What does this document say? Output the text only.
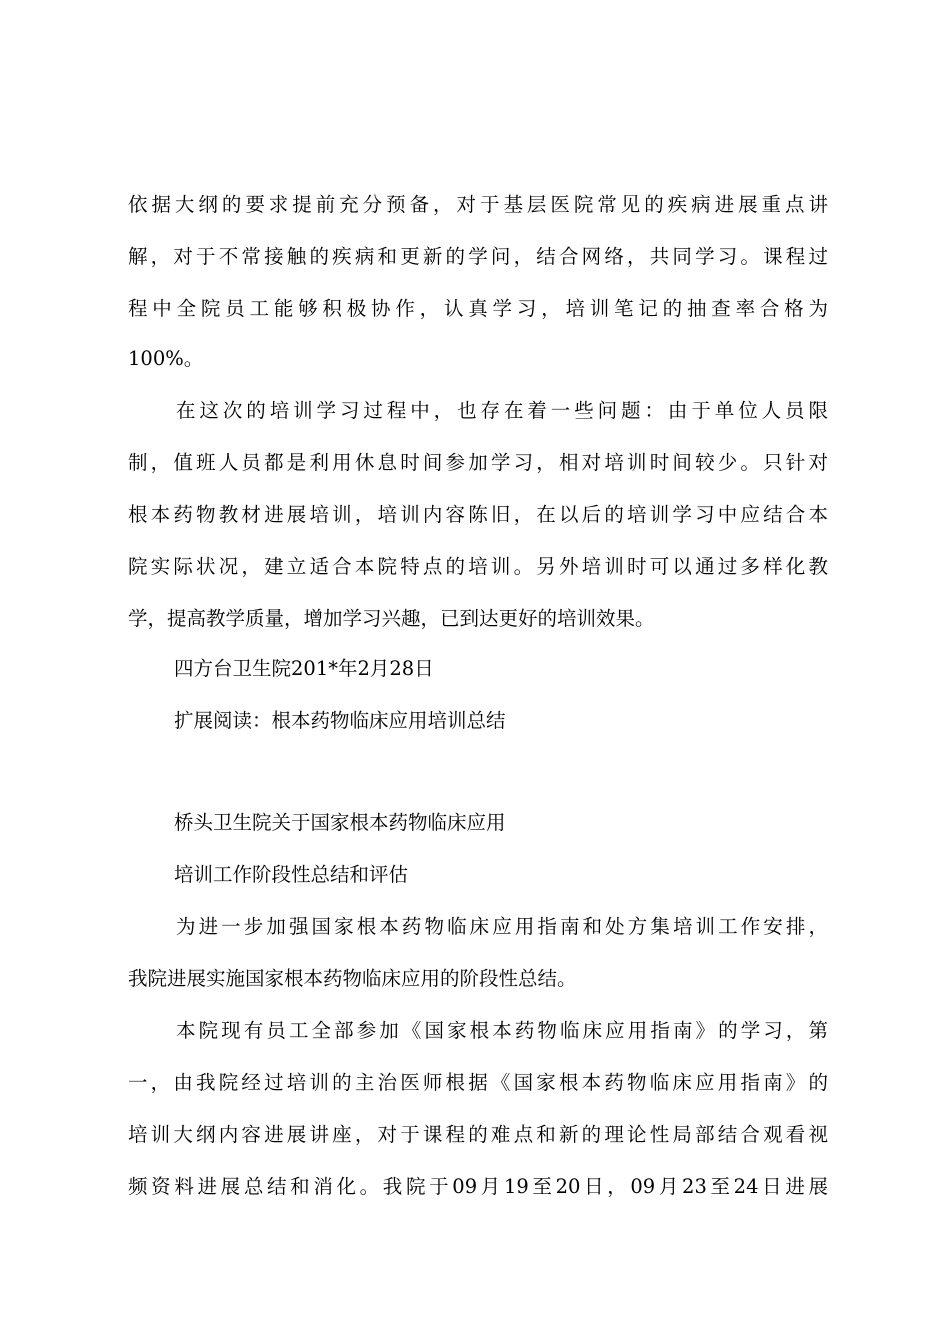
依据大纲的要求提前充分预备，对于基层医院常见的疾病进展重点讲
解，对于不常接触的疾病和更新的学问，结合网络，共同学习。课程过
程中全院员工能够积极协作，认真学习，培训笔记的抽查率合格为
100%。
在这次的培训学习过程中，也存在着一些问题：由于单位人员限
制，值班人员都是利用休息时间参加学习，相对培训时间较少。只针对
根本药物教材进展培训，培训内容陈旧，在以后的培训学习中应结合本
院实际状况，建立适合本院特点的培训。另外培训时可以通过多样化教
学，提高教学质量，增加学习兴趣，已到达更好的培训效果。
四方台卫生院201*年2月28日
扩展阅读：根本药物临床应用培训总结
桥头卫生院关于国家根本药物临床应用
培训工作阶段性总结和评估
为进一步加强国家根本药物临床应用指南和处方集培训工作安排，
我院进展实施国家根本药物临床应用的阶段性总结。
本院现有员工全部参加《国家根本药物临床应用指南》的学习，第
一，由我院经过培训的主治医师根据《国家根本药物临床应用指南》的
培训大纲内容进展讲座，对于课程的难点和新的理论性局部结合观看视
频资料进展总结和消化。我院于09月19至20日，09月23至24日进展
